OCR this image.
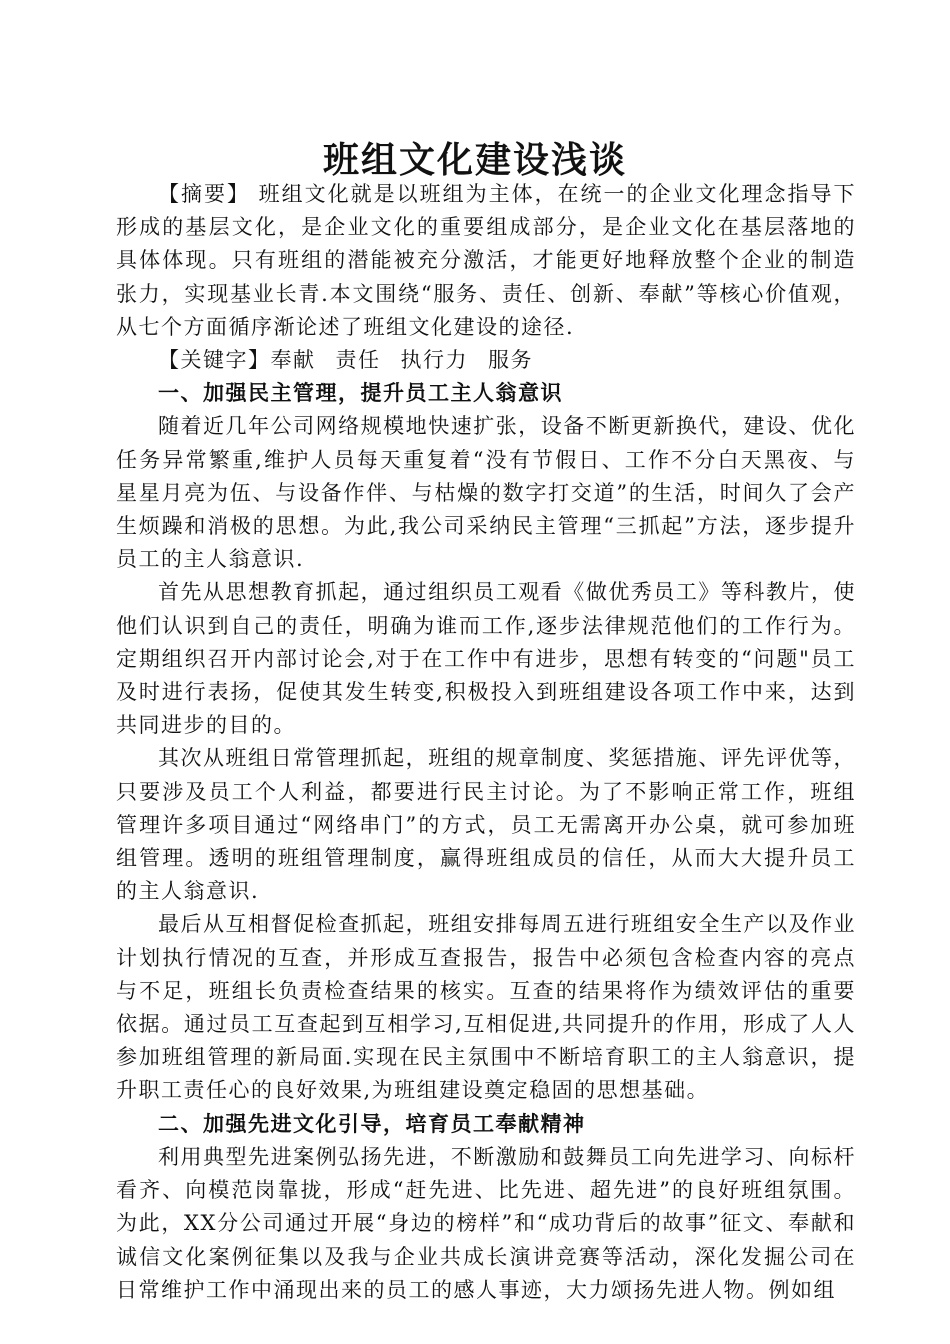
班组文化建设浅谈

【摘要】 班组文化就是以班组为主体，在统一的企业文化理念指导下形成的基层文化，是企业文化的重要组成部分，是企业文化在基层落地的具体体现。只有班组的潜能被充分激活，才能更好地释放整个企业的制造张力，实现基业长青.本文围绕“服务、责任、创新、奉献”等核心价值观，从七个方面循序渐论述了班组文化建设的途径.

【关键字】奉献 责任 执行力 服务

一、加强民主管理，提升员工主人翁意识

随着近几年公司网络规模地快速扩张，设备不断更新换代，建设、优化任务异常繁重,维护人员每天重复着“没有节假日、工作不分白天黑夜、与星星月亮为伍、与设备作伴、与枯燥的数字打交道”的生活，时间久了会产生烦躁和消极的思想。为此,我公司采纳民主管理“三抓起”方法，逐步提升员工的主人翁意识.

首先从思想教育抓起，通过组织员工观看《做优秀员工》等科教片，使他们认识到自己的责任，明确为谁而工作,逐步法律规范他们的工作行为。定期组织召开内部讨论会,对于在工作中有进步，思想有转变的“问题"员工及时进行表扬，促使其发生转变,积极投入到班组建设各项工作中来，达到共同进步的目的。

其次从班组日常管理抓起，班组的规章制度、奖惩措施、评先评优等，只要涉及员工个人利益，都要进行民主讨论。为了不影响正常工作，班组管理许多项目通过“网络串门”的方式，员工无需离开办公桌，就可参加班组管理。透明的班组管理制度，赢得班组成员的信任，从而大大提升员工的主人翁意识.

最后从互相督促检查抓起，班组安排每周五进行班组安全生产以及作业计划执行情况的互查，并形成互查报告，报告中必须包含检查内容的亮点与不足，班组长负责检查结果的核实。互查的结果将作为绩效评估的重要依据。通过员工互查起到互相学习,互相促进,共同提升的作用，形成了人人参加班组管理的新局面.实现在民主氛围中不断培育职工的主人翁意识，提升职工责任心的良好效果,为班组建设奠定稳固的思想基础。

二、加强先进文化引导，培育员工奉献精神

利用典型先进案例弘扬先进，不断激励和鼓舞员工向先进学习、向标杆看齐、向模范岗靠拢，形成“赶先进、比先进、超先进”的良好班组氛围。为此，XX分公司通过开展“身边的榜样”和“成功背后的故事”征文、奉献和诚信文化案例征集以及我与企业共成长演讲竞赛等活动，深化发掘公司在日常维护工作中涌现出来的员工的感人事迹，大力颂扬先进人物。例如组
